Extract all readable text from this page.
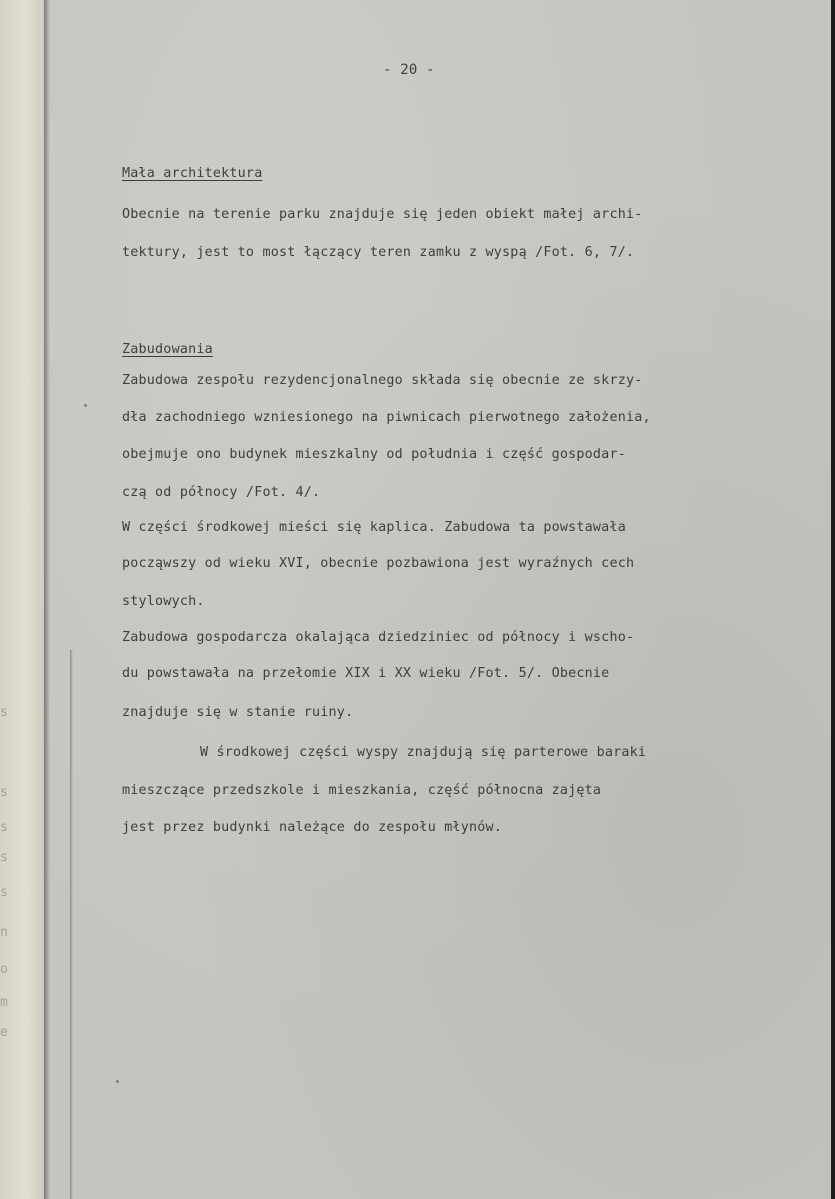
s
s
s
s
s
n
o
m
e
- 20 -
Mała architektura
Obecnie na terenie parku znajduje się jeden obiekt małej archi-
tektury, jest to most łączący teren zamku z wyspą /Fot. 6, 7/.
Zabudowania
Zabudowa zespołu rezydencjonalnego składa się obecnie ze skrzy-
dła zachodniego wzniesionego na piwnicach pierwotnego założenia,
obejmuje ono budynek mieszkalny od południa i część gospodar-
czą od północy /Fot. 4/.
W części środkowej mieści się kaplica. Zabudowa ta powstawała
począwszy od wieku XVI, obecnie pozbawiona jest wyraźnych cech
stylowych.
Zabudowa gospodarcza okalająca dziedziniec od północy i wscho-
du powstawała na przełomie XIX i XX wieku /Fot. 5/. Obecnie
znajduje się w stanie ruiny.
W środkowej części wyspy znajdują się parterowe baraki
mieszczące przedszkole i mieszkania, część północna zajęta
jest przez budynki należące do zespołu młynów.
